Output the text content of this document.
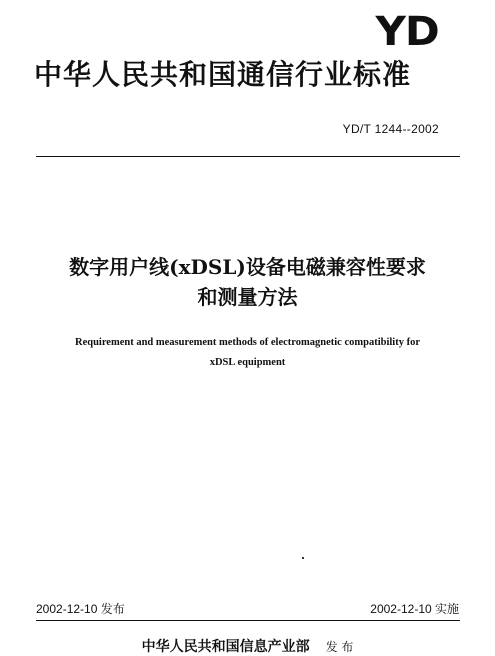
YD
中华人民共和国通信行业标准
YD/T 1244--2002
数字用户线(xDSL)设备电磁兼容性要求
和测量方法
Requirement and measurement methods of electromagnetic compatibility for
xDSL equipment
2002-12-10 发布	2002-12-10 实施
中华人民共和国信息产业部 发 布
